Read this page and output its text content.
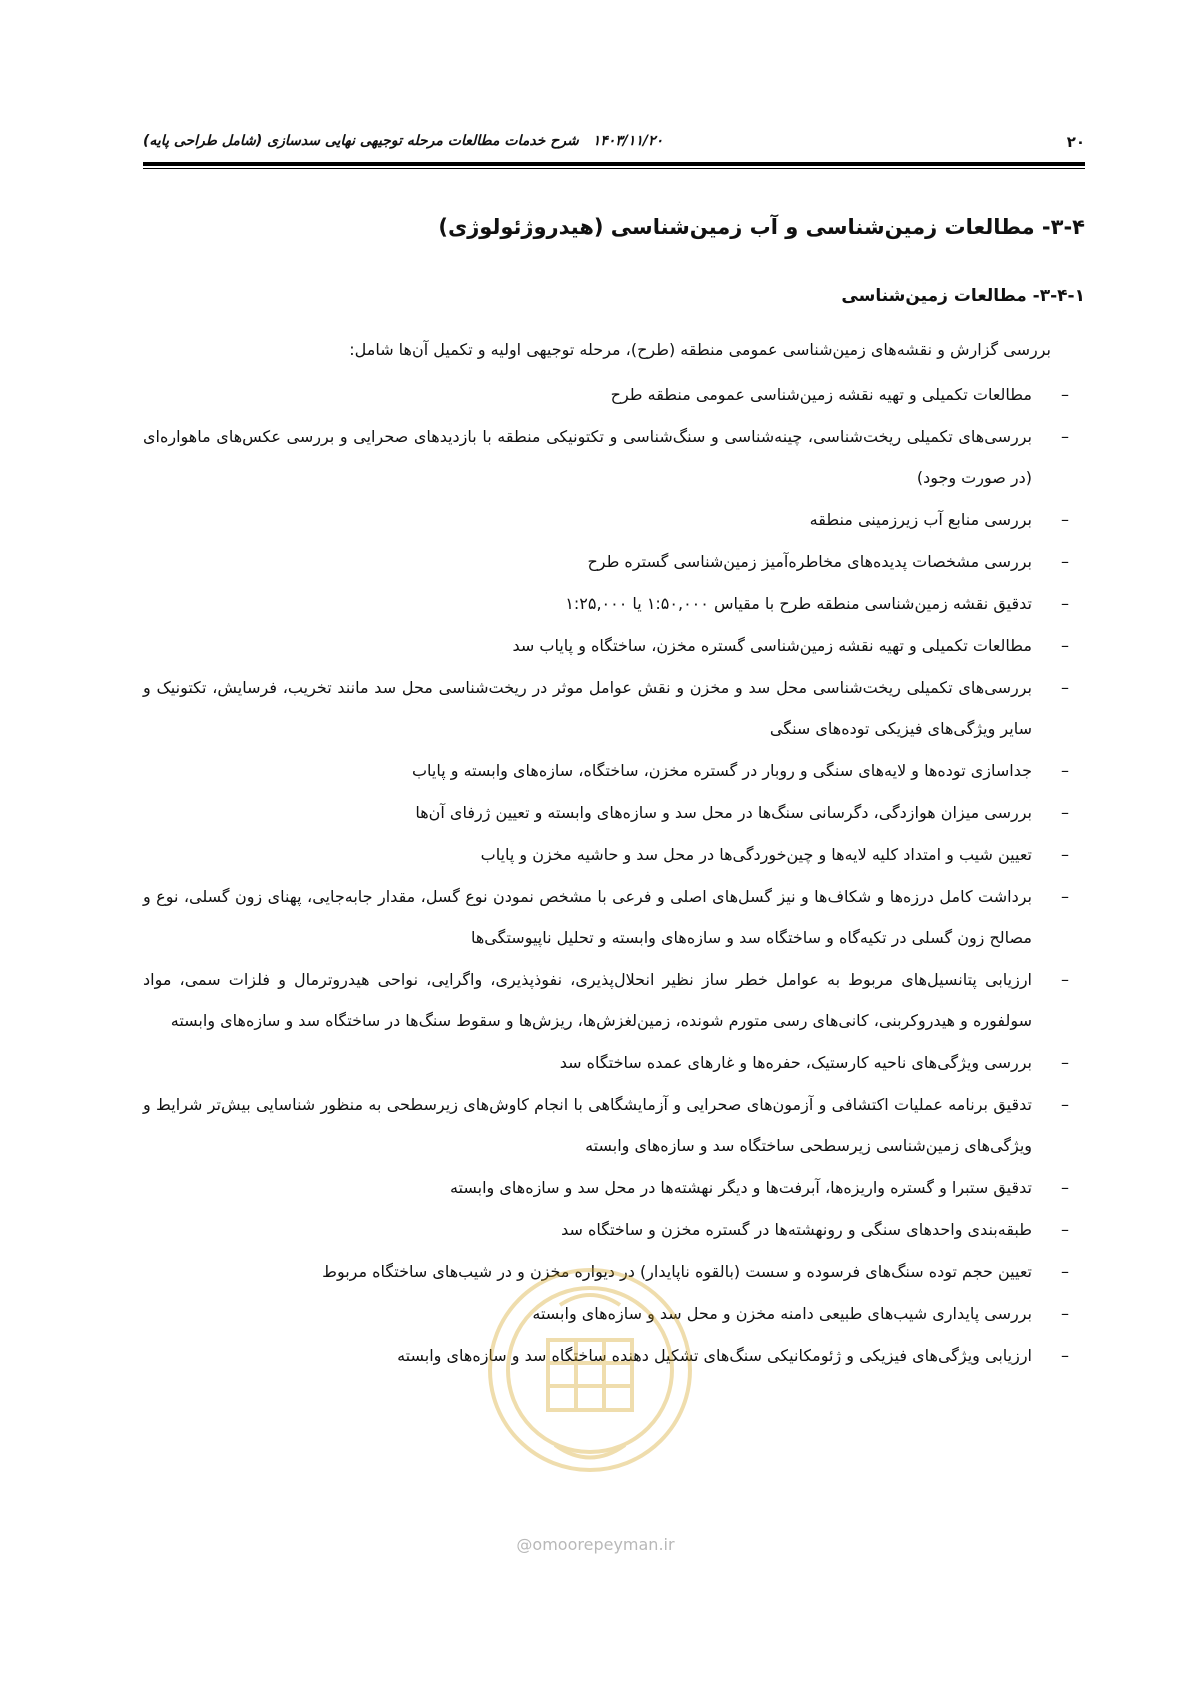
۲۰
۱۴۰۳/۱۱/۲۰شرح خدمات مطالعات مرحله توجیهی نهایی سدسازی (شامل طراحی پایه)
۳-۴- مطالعات زمین‌شناسی و آب زمین‌شناسی (هیدروژئولوژی)
۳-۴-۱- مطالعات زمین‌شناسی
بررسی گزارش و نقشه‌های زمین‌شناسی عمومی منطقه (طرح)، مرحله توجیهی اولیه و تکمیل آن‌ها شامل:
–
مطالعات تکمیلی و تهیه نقشه زمین‌شناسی عمومی منطقه طرح
–
بررسی‌های تکمیلی ریخت‌شناسی، چینه‌شناسی و سنگ‌شناسی و تکتونیکی منطقه با بازدیدهای صحرایی و بررسی عکس‌های ماهواره‌ای (در صورت وجود)
–
بررسی منابع آب زیرزمینی منطقه
–
بررسی مشخصات پدیده‌های مخاطره‌آمیز زمین‌شناسی گستره طرح
–
تدقیق نقشه زمین‌شناسی منطقه طرح با مقیاس ۱:۵۰,۰۰۰ یا ۱:۲۵,۰۰۰
–
مطالعات تکمیلی و تهیه نقشه زمین‌شناسی گستره مخزن، ساختگاه و پایاب سد
–
بررسی‌های تکمیلی ریخت‌شناسی محل سد و مخزن و نقش عوامل موثر در ریخت‌شناسی محل سد مانند تخریب، فرسایش، تکتونیک و سایر ویژگی‌های فیزیکی توده‌های سنگی
–
جداسازی توده‌ها و لایه‌های سنگی و روبار در گستره مخزن، ساختگاه، سازه‌های وابسته و پایاب
–
بررسی میزان هوازدگی، دگرسانی سنگ‌ها در محل سد و سازه‌های وابسته و تعیین ژرفای آن‌ها
–
تعیین شیب و امتداد کلیه لایه‌ها و چین‌خوردگی‌ها در محل سد و حاشیه مخزن و پایاب
–
برداشت کامل درزه‌ها و شکاف‌ها و نیز گسل‌های اصلی و فرعی با مشخص نمودن نوع گسل، مقدار جابه‌جایی، پهنای زون گسلی، نوع و مصالح زون گسلی در تکیه‌گاه و ساختگاه سد و سازه‌های وابسته و تحلیل ناپیوستگی‌ها
–
ارزیابی پتانسیل‌های مربوط به عوامل خطر ساز نظیر انحلال‌پذیری، نفوذپذیری، واگرایی، نواحی هیدروترمال و فلزات سمی، مواد سولفوره و هیدروکربنی، کانی‌های رسی متورم شونده، زمین‌لغزش‌ها، ریزش‌ها و سقوط سنگ‌ها در ساختگاه سد و سازه‌های وابسته
–
بررسی ویژگی‌های ناحیه کارستیک، حفره‌ها و غارهای عمده ساختگاه سد
–
تدقیق برنامه عملیات اکتشافی و آزمون‌های صحرایی و آزمایشگاهی با انجام کاوش‌های زیرسطحی به منظور شناسایی بیش‌تر شرایط و ویژگی‌های زمین‌شناسی زیرسطحی ساختگاه سد و سازه‌های وابسته
–
تدقیق ستبرا و گستره واریزه‌ها، آبرفت‌ها و دیگر نهشته‌ها در محل سد و سازه‌های وابسته
–
طبقه‌بندی واحدهای سنگی و رونهشته‌ها در گستره مخزن و ساختگاه سد
–
تعیین حجم توده سنگ‌های فرسوده و سست (بالقوه ناپایدار) در دیواره مخزن و در شیب‌های ساختگاه مربوط
–
بررسی پایداری شیب‌های طبیعی دامنه مخزن و محل سد و سازه‌های وابسته
–
ارزیابی ویژگی‌های فیزیکی و ژئومکانیکی سنگ‌های تشکیل دهنده ساختگاه سد و سازه‌های وابسته
@omoorepeyman.ir
